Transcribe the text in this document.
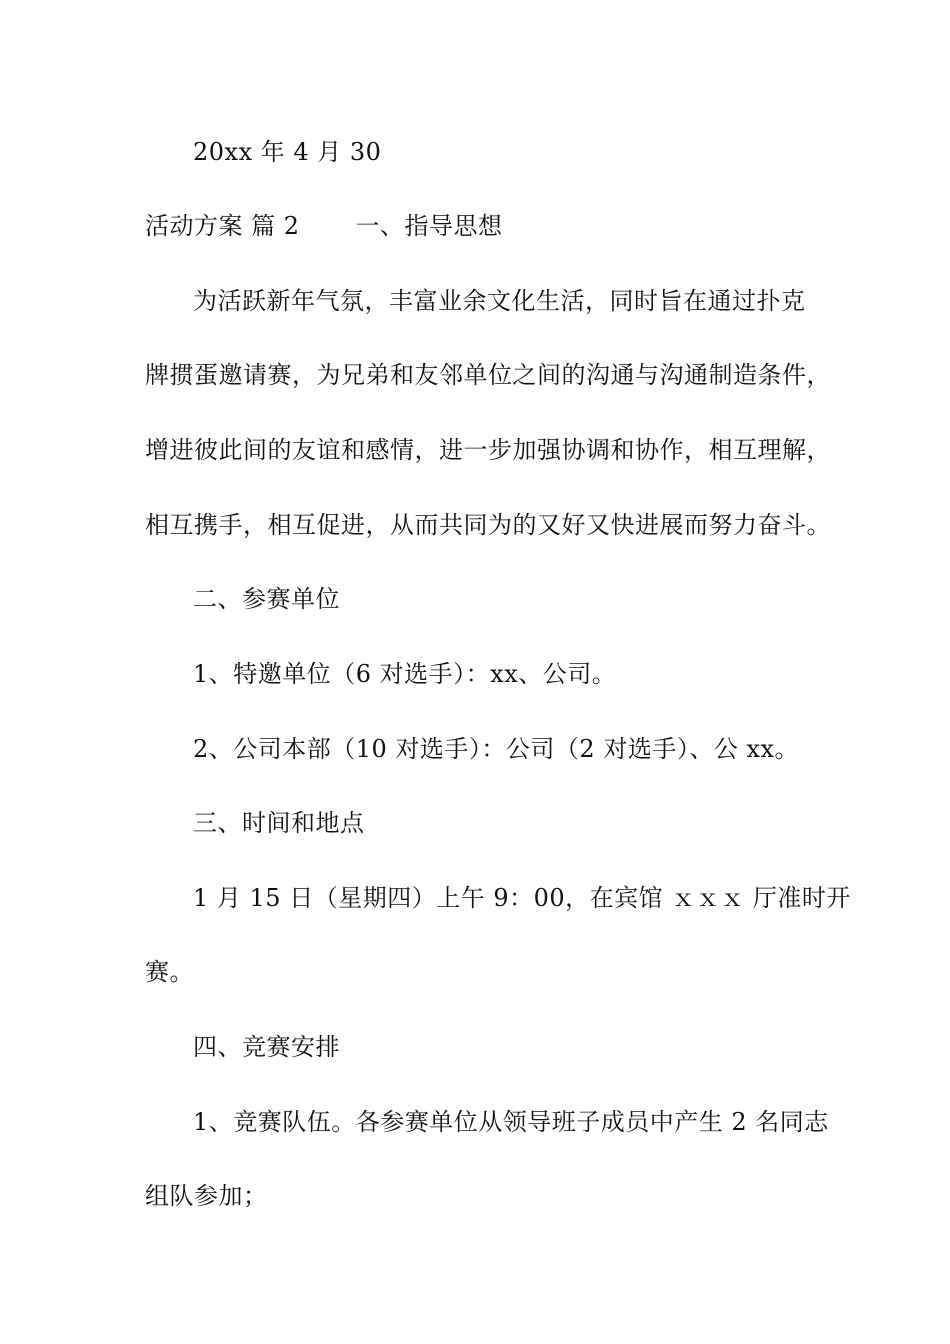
20xx 年 4 月 30
活动方案 篇 2 一、指导思想
为活跃新年气氛，丰富业余文化生活，同时旨在通过扑克
牌掼蛋邀请赛，为兄弟和友邻单位之间的沟通与沟通制造条件，
增进彼此间的友谊和感情，进一步加强协调和协作，相互理解，
相互携手，相互促进，从而共同为的又好又快进展而努力奋斗。
二、参赛单位
1、特邀单位（6 对选手）：xx、公司。
2、公司本部（10 对选手）：公司（2 对选手）、公 xx。
三、时间和地点
1 月 15 日（星期四）上午 9：00，在宾馆 ｘｘｘ 厅准时开
赛。
四、竞赛安排
1、竞赛队伍。各参赛单位从领导班子成员中产生 2 名同志
组队参加；
